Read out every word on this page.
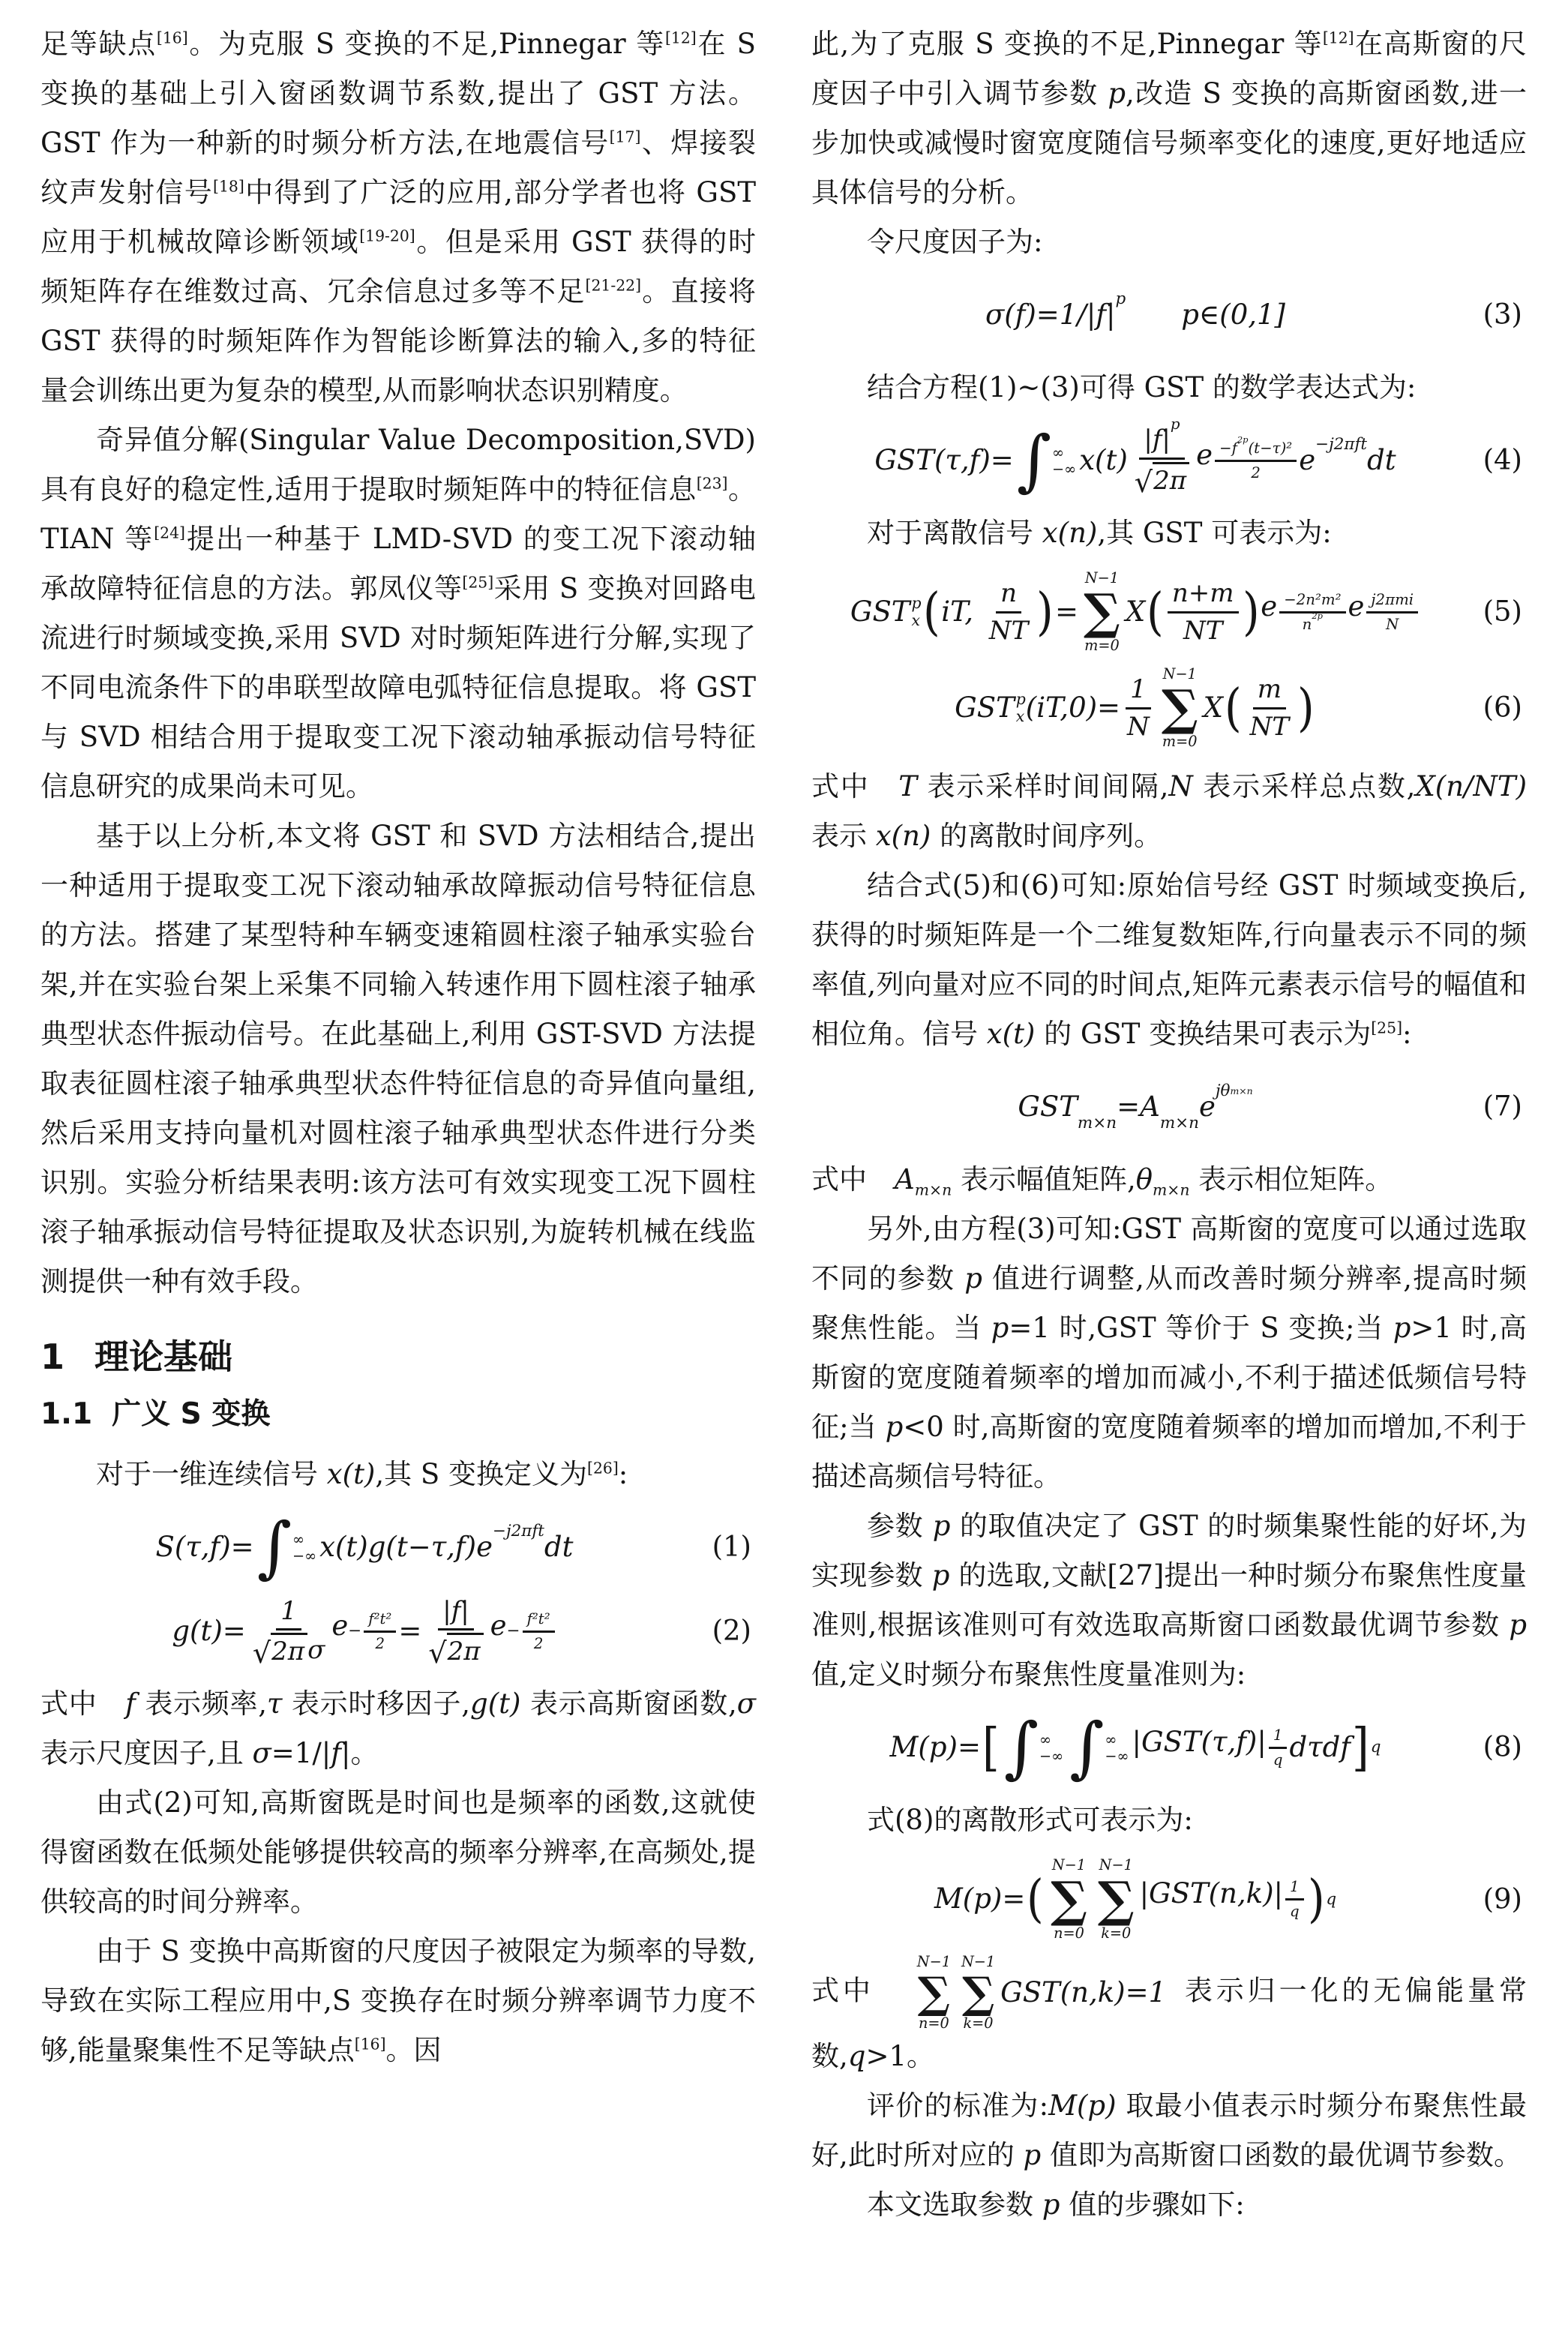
足等缺点[16]。为克服 S 变换的不足,Pinnegar 等[12]在 S 变换的基础上引入窗函数调节系数,提出了 GST 方法。GST 作为一种新的时频分析方法,在地震信号[17]、焊接裂纹声发射信号[18]中得到了广泛的应用,部分学者也将 GST 应用于机械故障诊断领域[19-20]。但是采用 GST 获得的时频矩阵存在维数过高、冗余信息过多等不足[21-22]。直接将 GST 获得的时频矩阵作为智能诊断算法的输入,多的特征量会训练出更为复杂的模型,从而影响状态识别精度。

奇异值分解(Singular Value Decomposition,SVD)具有良好的稳定性,适用于提取时频矩阵中的特征信息[23]。TIAN 等[24]提出一种基于 LMD-SVD 的变工况下滚动轴承故障特征信息的方法。郭凤仪等[25]采用 S 变换对回路电流进行时频域变换,采用 SVD 对时频矩阵进行分解,实现了不同电流条件下的串联型故障电弧特征信息提取。将 GST 与 SVD 相结合用于提取变工况下滚动轴承振动信号特征信息研究的成果尚未可见。

基于以上分析,本文将 GST 和 SVD 方法相结合,提出一种适用于提取变工况下滚动轴承故障振动信号特征信息的方法。搭建了某型特种车辆变速箱圆柱滚子轴承实验台架,并在实验台架上采集不同输入转速作用下圆柱滚子轴承典型状态件振动信号。在此基础上,利用 GST-SVD 方法提取表征圆柱滚子轴承典型状态件特征信息的奇异值向量组,然后采用支持向量机对圆柱滚子轴承典型状态件进行分类识别。实验分析结果表明:该方法可有效实现变工况下圆柱滚子轴承振动信号特征提取及状态识别,为旋转机械在线监测提供一种有效手段。

1 理论基础
1.1 广义 S 变换

对于一维连续信号 x(t),其 S 变换定义为[26]:

S(τ,f)= ∫ ∞
−∞ x(t)g(t−τ,f) e −j2πft dt	(1)
$g(t)= \frac{1}{\text{√ 2π σ}}$ $e - \frac{\text{f²t²}}{2} = \frac{|f|}{√ 2\pi}$ $e - \frac{\text{f²t²}}{2}$	(2)

式中　f 表示频率,τ 表示时移因子,g(t) 表示高斯窗函数,σ 表示尺度因子,且 σ=1/|f|。

由式(2)可知,高斯窗既是时间也是频率的函数,这就使得窗函数在低频处能够提供较高的频率分辨率,在高频处,提供较高的时间分辨率。

由于 S 变换中高斯窗的尺度因子被限定为频率的导数,导致在实际工程应用中,S 变换存在时频分辨率调节力度不够,能量聚集性不足等缺点[16]。因

此,为了克服 S 变换的不足,Pinnegar 等[12]在高斯窗的尺度因子中引入调节参数 p,改造 S 变换的高斯窗函数,进一步加快或减慢时窗宽度随信号频率变化的速度,更好地适应具体信号的分析。

令尺度因子为:

σ(f)=1/ |f| p
   p∈(0,1]	(3)

结合方程(1)~(3)可得 GST 的数学表达式为:

GST(τ,f)= ∫ ∞
−∞ x(t) |f|
p
√ 2π e $\frac{\text{−f 2p (t−τ)²}}{2}$ e −j2πft dt	(4)

对于离散信号 x(n),其 GST 可表示为:

GST p
x ( iT, $\frac{n}{NT}$ ) =
N−1
∑
m=0
X ( $\frac{n+m}{NT}$ ) e $\frac{\text{−2n²m²}}{n 2p}$ e $\frac{\text{j2πmi}}{N} (5)$
GST p
x $(iT,0)= \frac{1}{N}$
N−1
∑
m=0
X ( $\frac{m}{NT}$ )	(6)

式中　T 表示采样时间间隔,N 表示采样总点数,X(n/NT) 表示 x(n) 的离散时间序列。

结合式(5)和(6)可知:原始信号经 GST 时频域变换后,获得的时频矩阵是一个二维复数矩阵,行向量表示不同的频率值,列向量对应不同的时间点,矩阵元素表示信号的幅值和相位角。信号 x(t) 的 GST 变换结果可表示为[25]:

GST
m×n
= A
m×n
e jθ m×n	(7)

式中　$A_{m\times n}$ 表示幅值矩阵$,\theta_{m\times n}$ 表示相位矩阵。

另外,由方程(3)可知:GST 高斯窗的宽度可以通过选取不同的参数 p 值进行调整,从而改善时频分辨率,提高时频聚焦性能。当 p=1 时,GST 等价于 S 变换;当 p>1 时,高斯窗的宽度随着频率的增加而减小,不利于描述低频信号特征;当 p<0 时,高斯窗的宽度随着频率的增加而增加,不利于描述高频信号特征。

参数 p 的取值决定了 GST 的时频集聚性能的好坏,为实现参数 p 的选取,文献[27]提出一种时频分布聚焦性度量准则,根据该准则可有效选取高斯窗口函数最优调节参数 p 值,定义时频分布聚焦性度量准则为:

M(p)= [ ∫ ∞
−∞ ∫ ∞
−∞ $|GST(\tau,f)| \frac{1}{q}$ dτdf ] q	(8)

式(8)的离散形式可表示为:

M(p)= (
N−1
∑
n=0
N−1
∑
k=0
$|GST(n,k)| \frac{1}{q}$ ) q	(9)

式中　
N−1
∑
n=0
N−1
∑
k=0
GST(n,k)=1 表示归一化的无偏能量常数,q>1。

评价的标准为:M(p) 取最小值表示时频分布聚焦性最好,此时所对应的 p 值即为高斯窗口函数的最优调节参数。

本文选取参数 p 值的步骤如下:
